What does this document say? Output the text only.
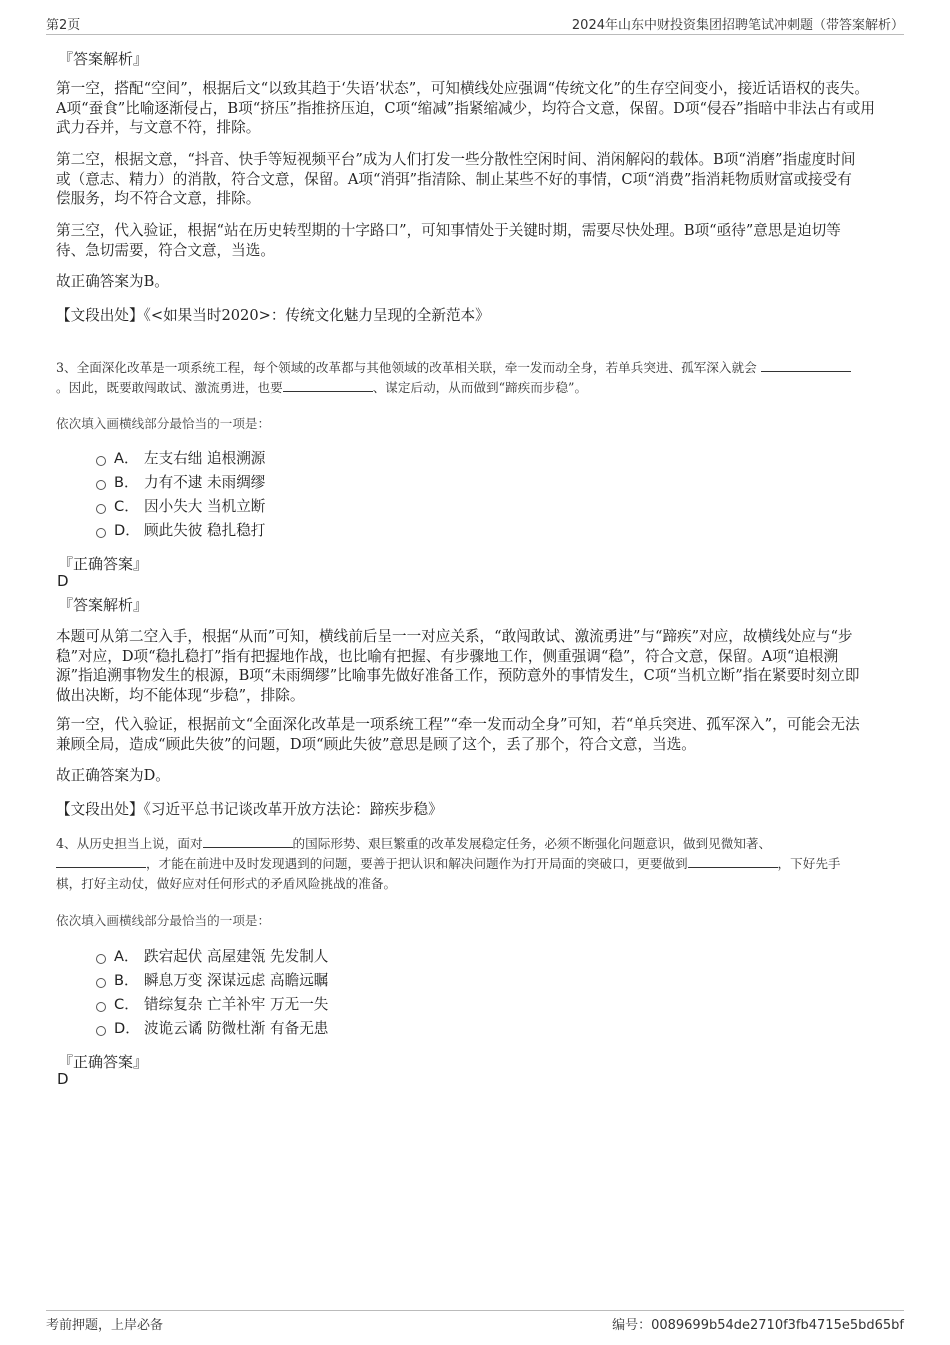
第2页	2024年山东中财投资集团招聘笔试冲刺题（带答案解析）
『答案解析』
第一空，搭配“空间”，根据后文“以致其趋于‘失语’状态”，可知横线处应强调“传统文化”的生存空间变小，接近话语权的丧失。
A项“蚕食”比喻逐渐侵占，B项“挤压”指推挤压迫，C项“缩减”指紧缩减少，均符合文意，保留。D项“侵吞”指暗中非法占有或用
武力吞并，与文意不符，排除。
第二空，根据文意，“抖音、快手等短视频平台”成为人们打发一些分散性空闲时间、消闲解闷的载体。B项“消磨”指虚度时间
或（意志、精力）的消散，符合文意，保留。A项“消弭”指清除、制止某些不好的事情，C项“消费”指消耗物质财富或接受有
偿服务，均不符合文意，排除。
第三空，代入验证，根据“站在历史转型期的十字路口”，可知事情处于关键时期，需要尽快处理。B项“亟待”意思是迫切等
待、急切需要，符合文意，当选。
故正确答案为B。
【文段出处】《<如果当时2020>：传统文化魅力呈现的全新范本》
3、全面深化改革是一项系统工程，每个领域的改革都与其他领域的改革相关联，牵一发而动全身，若单兵突进、孤军深入就会
。因此，既要敢闯敢试、激流勇进，也要	、谋定后动，从而做到“蹄疾而步稳”。
依次填入画横线部分最恰当的一项是：
A． 左支右绌 追根溯源
B． 力有不逮 未雨绸缪
C． 因小失大 当机立断
D． 顾此失彼 稳扎稳打
『正确答案』
D
『答案解析』
本题可从第二空入手，根据“从而”可知，横线前后呈一一对应关系，“敢闯敢试、激流勇进”与“蹄疾”对应，故横线处应与“步
稳”对应，D项“稳扎稳打”指有把握地作战，也比喻有把握、有步骤地工作，侧重强调“稳”，符合文意，保留。A项“追根溯
源”指追溯事物发生的根源，B项“未雨绸缪”比喻事先做好准备工作，预防意外的事情发生，C项“当机立断”指在紧要时刻立即
做出决断，均不能体现“步稳”，排除。
第一空，代入验证，根据前文“全面深化改革是一项系统工程”“牵一发而动全身”可知，若“单兵突进、孤军深入”，可能会无法
兼顾全局，造成“顾此失彼”的问题，D项“顾此失彼”意思是顾了这个，丢了那个，符合文意，当选。
故正确答案为D。
【文段出处】《习近平总书记谈改革开放方法论：蹄疾步稳》
4、从历史担当上说，面对	的国际形势、艰巨繁重的改革发展稳定任务，必须不断强化问题意识，做到见微知著、
，才能在前进中及时发现遇到的问题，要善于把认识和解决问题作为打开局面的突破口，更要做到	，下好先手
棋，打好主动仗，做好应对任何形式的矛盾风险挑战的准备。
依次填入画横线部分最恰当的一项是：
A． 跌宕起伏 高屋建瓴 先发制人
B． 瞬息万变 深谋远虑 高瞻远瞩
C． 错综复杂 亡羊补牢 万无一失
D． 波诡云谲 防微杜渐 有备无患
『正确答案』
D
考前押题，上岸必备	编号：0089699b54de2710f3fb4715e5bd65bf
